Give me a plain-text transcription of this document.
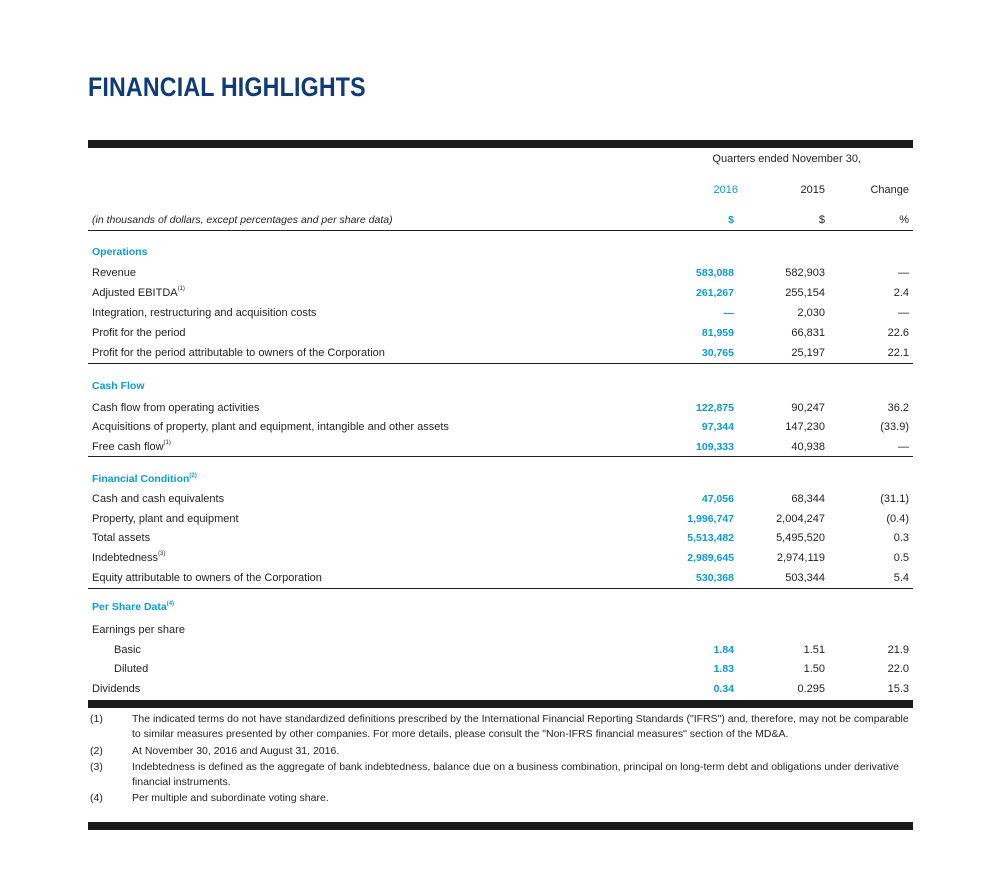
FINANCIAL HIGHLIGHTS
Quarters ended November 30,
2016	2015	Change
(in thousands of dollars, except percentages and per share data)	$	$	%
Operations
Revenue	583,088	582,903	—
Adjusted EBITDA$^{(1)}$	261,267	255,154	2.4
Integration, restructuring and acquisition costs	—	2,030	—
Profit for the period	81,959	66,831	22.6
Profit for the period attributable to owners of the Corporation	30,765	25,197	22.1
Cash Flow
Cash flow from operating activities	122,875	90,247	36.2
Acquisitions of property, plant and equipment, intangible and other assets	97,344	147,230	(33.9)
Free cash flow$^{(1)}$	109,333	40,938	—
Financial Condition$^{(2)}$
Cash and cash equivalents	47,056	68,344	(31.1)
Property, plant and equipment	1,996,747	2,004,247	(0.4)
Total assets	5,513,482	5,495,520	0.3
Indebtedness$^{(3)}$	2,989,645	2,974,119	0.5
Equity attributable to owners of the Corporation	530,368	503,344	5.4
Per Share Data$^{(4)}$
Earnings per share
Basic	1.84	1.51	21.9
Diluted	1.83	1.50	22.0
Dividends	0.34	0.295	15.3
(1)	The indicated terms do not have standardized definitions prescribed by the International Financial Reporting Standards ("IFRS") and, therefore, may not be comparable to similar measures presented by other companies. For more details, please consult the "Non-IFRS financial measures" section of the MD&A.
(2)	At November 30, 2016 and August 31, 2016.
(3)	Indebtedness is defined as the aggregate of bank indebtedness, balance due on a business combination, principal on long-term debt and obligations under derivative financial instruments.
(4)	Per multiple and subordinate voting share.
